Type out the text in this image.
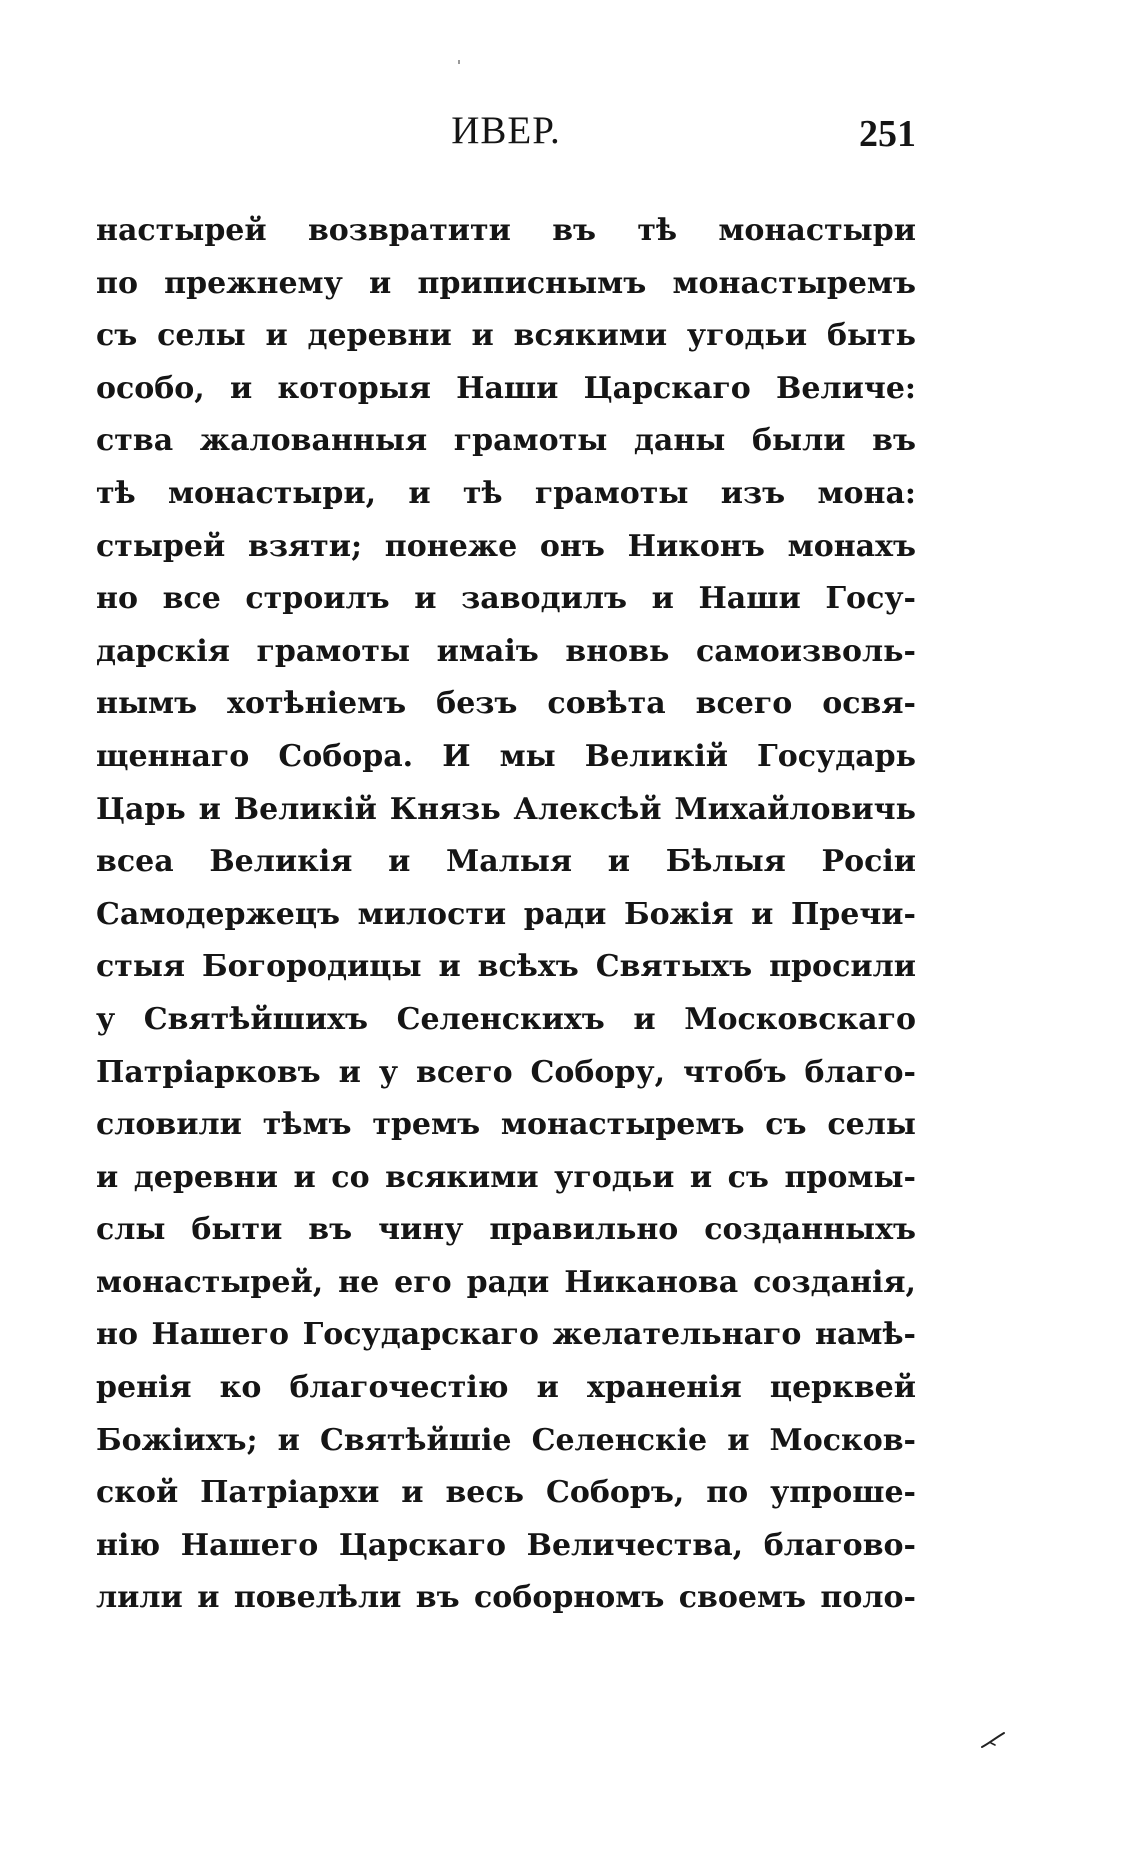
ИВЕР.	251
настырей возвратити въ тѣ монастыри
по прежнему и приписнымъ монастыремъ
съ селы и деревни и всякими угодьи быть
особо, и которыя Наши Царскаго Величе:
ства жалованныя грамоты даны были въ
тѣ монастыри, и тѣ грамоты изъ мона:
стырей взяти; понеже онъ Никонъ монахъ
но все строилъ и заводилъ и Наши Госу-
дарскія грамоты имаiъ вновь самоизволь-
нымъ хотѣніемъ безъ совѣта всего освя-
щеннаго Собора. И мы Великій Государь
Царь и Великій Князь Алексѣй Михайловичь
всеа Великія и Малыя и Бѣлыя Росіи
Самодержецъ милости ради Божія и Пречи-
стыя Богородицы и всѣхъ Святыхъ просили
у Святѣйшихъ Селенскихъ и Московскаго
Патріарковъ и у всего Собору, чтобъ благо-
словили тѣмъ тремъ монастыремъ съ селы
и деревни и со всякими угодьи и съ промы-
слы быти въ чину правильно созданныхъ
монастырей, не его ради Никанова созданія,
но Нашего Государскаго желательнаго намѣ-
ренія ко благочестію и храненія церквей
Божіихъ; и Святѣйшіе Селенскіе и Москов-
ской Патріархи и весь Соборъ, по упроше-
нію Нашего Царскаго Величества, благово-
лили и повелѣли въ соборномъ своемъ поло-
